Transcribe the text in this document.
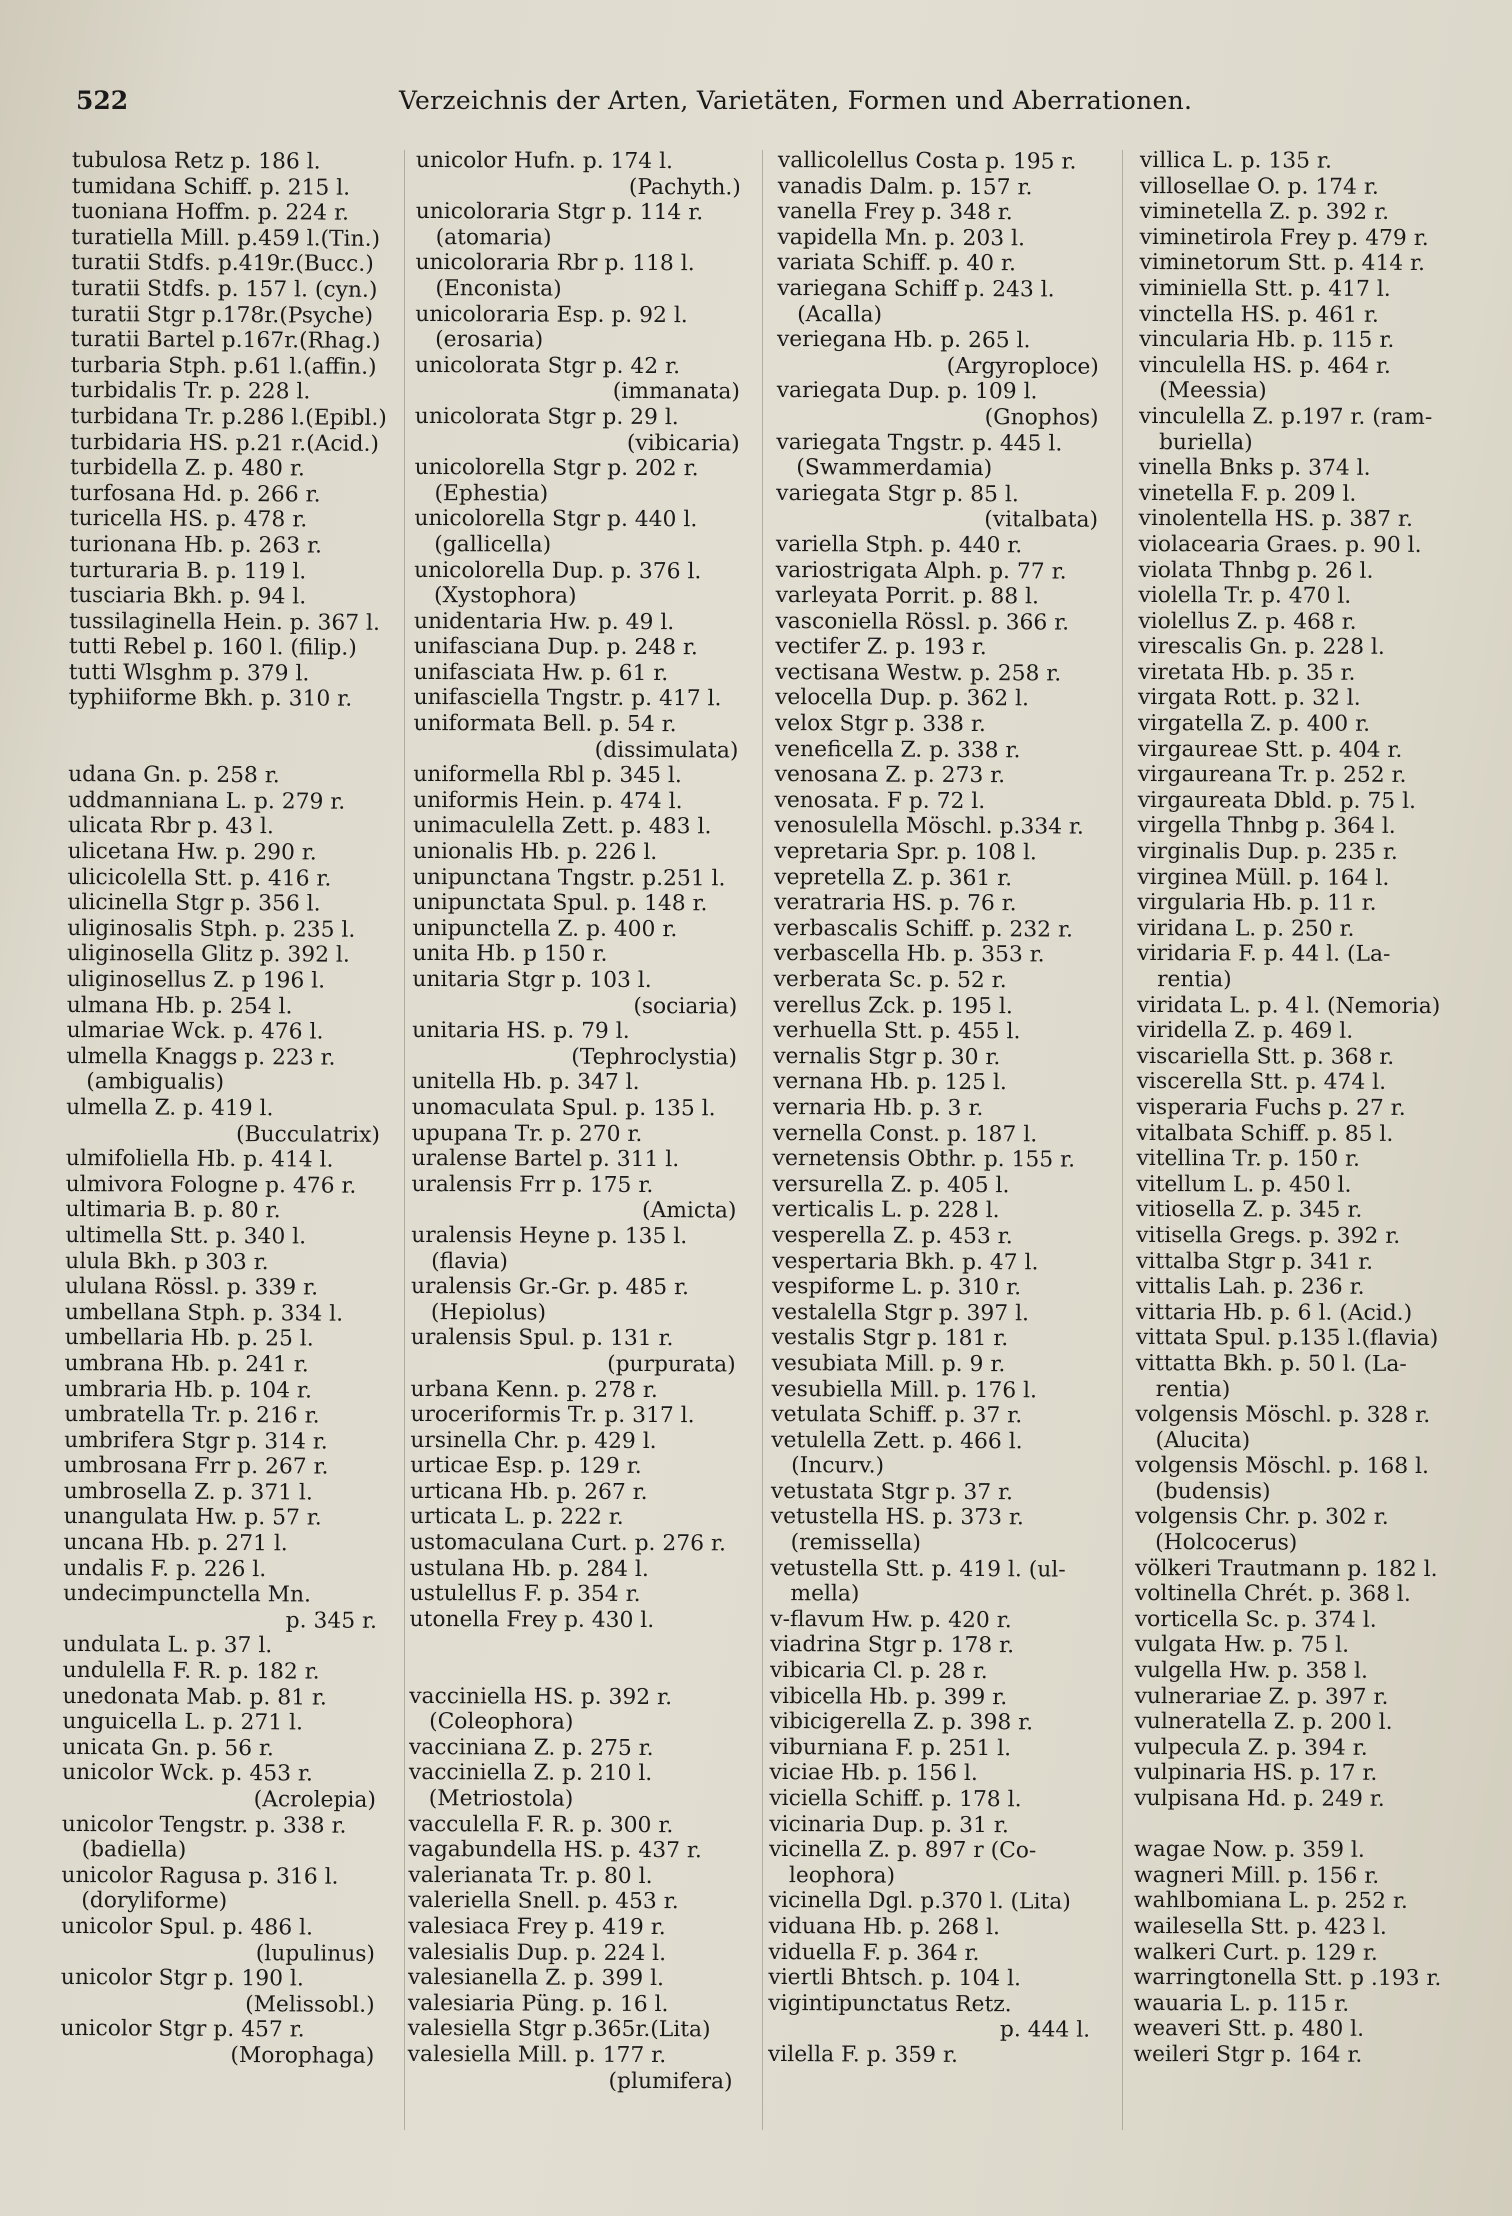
522	Verzeichnis der Arten, Varietäten, Formen und Aberrationen.
tubulosa Retz p. 186 l.
tumidana Schiff. p. 215 l.
tuoniana Hoffm. p. 224 r.
turatiella Mill. p.459 l.(Tin.)
turatii Stdfs. p.419r.(Bucc.)
turatii Stdfs. p. 157 l. (cyn.)
turatii Stgr p.178r.(Psyche)
turatii Bartel p.167r.(Rhag.)
turbaria Stph. p.61 l.(affin.)
turbidalis Tr. p. 228 l.
turbidana Tr. p.286 l.(Epibl.)
turbidaria HS. p.21 r.(Acid.)
turbidella Z. p. 480 r.
turfosana Hd. p. 266 r.
turicella HS. p. 478 r.
turionana Hb. p. 263 r.
turturaria B. p. 119 l.
tusciaria Bkh. p. 94 l.
tussilaginella Hein. p. 367 l.
tutti Rebel p. 160 l. (filip.)
tutti Wlsghm p. 379 l.
typhiiforme Bkh. p. 310 r.
udana Gn. p. 258 r.
uddmanniana L. p. 279 r.
ulicata Rbr p. 43 l.
ulicetana Hw. p. 290 r.
ulicicolella Stt. p. 416 r.
ulicinella Stgr p. 356 l.
uliginosalis Stph. p. 235 l.
uliginosella Glitz p. 392 l.
uliginosellus Z. p 196 l.
ulmana Hb. p. 254 l.
ulmariae Wck. p. 476 l.
ulmella Knaggs p. 223 r.
(ambigualis)
ulmella Z. p. 419 l.
(Bucculatrix)
ulmifoliella Hb. p. 414 l.
ulmivora Fologne p. 476 r.
ultimaria B. p. 80 r.
ultimella Stt. p. 340 l.
ulula Bkh. p 303 r.
ululana Rössl. p. 339 r.
umbellana Stph. p. 334 l.
umbellaria Hb. p. 25 l.
umbrana Hb. p. 241 r.
umbraria Hb. p. 104 r.
umbratella Tr. p. 216 r.
umbrifera Stgr p. 314 r.
umbrosana Frr p. 267 r.
umbrosella Z. p. 371 l.
unangulata Hw. p. 57 r.
uncana Hb. p. 271 l.
undalis F. p. 226 l.
undecimpunctella Mn.
p. 345 r.
undulata L. p. 37 l.
undulella F. R. p. 182 r.
unedonata Mab. p. 81 r.
unguicella L. p. 271 l.
unicata Gn. p. 56 r.
unicolor Wck. p. 453 r.
(Acrolepia)
unicolor Tengstr. p. 338 r.
(badiella)
unicolor Ragusa p. 316 l.
(doryliforme)
unicolor Spul. p. 486 l.
(lupulinus)
unicolor Stgr p. 190 l.
(Melissobl.)
unicolor Stgr p. 457 r.
(Morophaga)
unicolor Hufn. p. 174 l.
(Pachyth.)
unicoloraria Stgr p. 114 r.
(atomaria)
unicoloraria Rbr p. 118 l.
(Enconista)
unicoloraria Esp. p. 92 l.
(erosaria)
unicolorata Stgr p. 42 r.
(immanata)
unicolorata Stgr p. 29 l.
(vibicaria)
unicolorella Stgr p. 202 r.
(Ephestia)
unicolorella Stgr p. 440 l.
(gallicella)
unicolorella Dup. p. 376 l.
(Xystophora)
unidentaria Hw. p. 49 l.
unifasciana Dup. p. 248 r.
unifasciata Hw. p. 61 r.
unifasciella Tngstr. p. 417 l.
uniformata Bell. p. 54 r.
(dissimulata)
uniformella Rbl p. 345 l.
uniformis Hein. p. 474 l.
unimaculella Zett. p. 483 l.
unionalis Hb. p. 226 l.
unipunctana Tngstr. p.251 l.
unipunctata Spul. p. 148 r.
unipunctella Z. p. 400 r.
unita Hb. p 150 r.
unitaria Stgr p. 103 l.
(sociaria)
unitaria HS. p. 79 l.
(Tephroclystia)
unitella Hb. p. 347 l.
unomaculata Spul. p. 135 l.
upupana Tr. p. 270 r.
uralense Bartel p. 311 l.
uralensis Frr p. 175 r.
(Amicta)
uralensis Heyne p. 135 l.
(flavia)
uralensis Gr.-Gr. p. 485 r.
(Hepiolus)
uralensis Spul. p. 131 r.
(purpurata)
urbana Kenn. p. 278 r.
uroceriformis Tr. p. 317 l.
ursinella Chr. p. 429 l.
urticae Esp. p. 129 r.
urticana Hb. p. 267 r.
urticata L. p. 222 r.
ustomaculana Curt. p. 276 r.
ustulana Hb. p. 284 l.
ustulellus F. p. 354 r.
utonella Frey p. 430 l.
vacciniella HS. p. 392 r.
(Coleophora)
vacciniana Z. p. 275 r.
vacciniella Z. p. 210 l.
(Metriostola)
vacculella F. R. p. 300 r.
vagabundella HS. p. 437 r.
valerianata Tr. p. 80 l.
valeriella Snell. p. 453 r.
valesiaca Frey p. 419 r.
valesialis Dup. p. 224 l.
valesianella Z. p. 399 l.
valesiaria Püng. p. 16 l.
valesiella Stgr p.365r.(Lita)
valesiella Mill. p. 177 r.
(plumifera)
vallicolellus Costa p. 195 r.
vanadis Dalm. p. 157 r.
vanella Frey p. 348 r.
vapidella Mn. p. 203 l.
variata Schiff. p. 40 r.
variegana Schiff p. 243 l.
(Acalla)
veriegana Hb. p. 265 l.
(Argyroploce)
variegata Dup. p. 109 l.
(Gnophos)
variegata Tngstr. p. 445 l.
(Swammerdamia)
variegata Stgr p. 85 l.
(vitalbata)
variella Stph. p. 440 r.
variostrigata Alph. p. 77 r.
varleyata Porrit. p. 88 l.
vasconiella Rössl. p. 366 r.
vectifer Z. p. 193 r.
vectisana Westw. p. 258 r.
velocella Dup. p. 362 l.
velox Stgr p. 338 r.
veneficella Z. p. 338 r.
venosana Z. p. 273 r.
venosata. F p. 72 l.
venosulella Möschl. p.334 r.
vepretaria Spr. p. 108 l.
vepretella Z. p. 361 r.
veratraria HS. p. 76 r.
verbascalis Schiff. p. 232 r.
verbascella Hb. p. 353 r.
verberata Sc. p. 52 r.
verellus Zck. p. 195 l.
verhuella Stt. p. 455 l.
vernalis Stgr p. 30 r.
vernana Hb. p. 125 l.
vernaria Hb. p. 3 r.
vernella Const. p. 187 l.
vernetensis Obthr. p. 155 r.
versurella Z. p. 405 l.
verticalis L. p. 228 l.
vesperella Z. p. 453 r.
vespertaria Bkh. p. 47 l.
vespiforme L. p. 310 r.
vestalella Stgr p. 397 l.
vestalis Stgr p. 181 r.
vesubiata Mill. p. 9 r.
vesubiella Mill. p. 176 l.
vetulata Schiff. p. 37 r.
vetulella Zett. p. 466 l.
(Incurv.)
vetustata Stgr p. 37 r.
vetustella HS. p. 373 r.
(remissella)
vetustella Stt. p. 419 l. (ul-
mella)
v-flavum Hw. p. 420 r.
viadrina Stgr p. 178 r.
vibicaria Cl. p. 28 r.
vibicella Hb. p. 399 r.
vibicigerella Z. p. 398 r.
viburniana F. p. 251 l.
viciae Hb. p. 156 l.
viciella Schiff. p. 178 l.
vicinaria Dup. p. 31 r.
vicinella Z. p. 897 r (Co-
leophora)
vicinella Dgl. p.370 l. (Lita)
viduana Hb. p. 268 l.
viduella F. p. 364 r.
viertli Bhtsch. p. 104 l.
vigintipunctatus Retz.
p. 444 l.
vilella F. p. 359 r.
villica L. p. 135 r.
villosellae O. p. 174 r.
viminetella Z. p. 392 r.
viminetirola Frey p. 479 r.
viminetorum Stt. p. 414 r.
viminiella Stt. p. 417 l.
vinctella HS. p. 461 r.
vincularia Hb. p. 115 r.
vinculella HS. p. 464 r.
(Meessia)
vinculella Z. p.197 r. (ram-
buriella)
vinella Bnks p. 374 l.
vinetella F. p. 209 l.
vinolentella HS. p. 387 r.
violacearia Graes. p. 90 l.
violata Thnbg p. 26 l.
violella Tr. p. 470 l.
violellus Z. p. 468 r.
virescalis Gn. p. 228 l.
viretata Hb. p. 35 r.
virgata Rott. p. 32 l.
virgatella Z. p. 400 r.
virgaureae Stt. p. 404 r.
virgaureana Tr. p. 252 r.
virgaureata Dbld. p. 75 l.
virgella Thnbg p. 364 l.
virginalis Dup. p. 235 r.
virginea Müll. p. 164 l.
virgularia Hb. p. 11 r.
viridana L. p. 250 r.
viridaria F. p. 44 l. (La-
rentia)
viridata L. p. 4 l. (Nemoria)
viridella Z. p. 469 l.
viscariella Stt. p. 368 r.
viscerella Stt. p. 474 l.
visperaria Fuchs p. 27 r.
vitalbata Schiff. p. 85 l.
vitellina Tr. p. 150 r.
vitellum L. p. 450 l.
vitiosella Z. p. 345 r.
vitisella Gregs. p. 392 r.
vittalba Stgr p. 341 r.
vittalis Lah. p. 236 r.
vittaria Hb. p. 6 l. (Acid.)
vittata Spul. p.135 l.(flavia)
vittatta Bkh. p. 50 l. (La-
rentia)
volgensis Möschl. p. 328 r.
(Alucita)
volgensis Möschl. p. 168 l.
(budensis)
volgensis Chr. p. 302 r.
(Holcocerus)
völkeri Trautmann p. 182 l.
voltinella Chrét. p. 368 l.
vorticella Sc. p. 374 l.
vulgata Hw. p. 75 l.
vulgella Hw. p. 358 l.
vulnerariae Z. p. 397 r.
vulneratella Z. p. 200 l.
vulpecula Z. p. 394 r.
vulpinaria HS. p. 17 r.
vulpisana Hd. p. 249 r.
wagae Now. p. 359 l.
wagneri Mill. p. 156 r.
wahlbomiana L. p. 252 r.
wailesella Stt. p. 423 l.
walkeri Curt. p. 129 r.
warringtonella Stt. p .193 r.
wauaria L. p. 115 r.
weaveri Stt. p. 480 l.
weileri Stgr p. 164 r.
